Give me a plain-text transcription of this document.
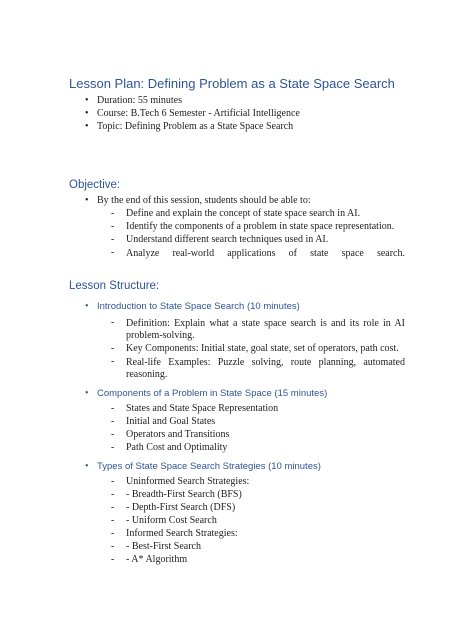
Lesson Plan: Defining Problem as a State Space Search
• Duration: 55 minutes
• Course: B.Tech 6 Semester - Artificial Intelligence
• Topic: Defining Problem as a State Space Search
Objective:
• By the end of this session, students should be able to:
- Define and explain the concept of state space search in AI.
- Identify the components of a problem in state space representation.
- Understand different search techniques used in AI.
- Analyze real-world applications of state space search.
Lesson Structure:
• Introduction to State Space Search (10 minutes)
- Definition: Explain what a state space search is and its role in AI
problem-solving.
- Key Components: Initial state, goal state, set of operators, path cost.
- Real-life Examples: Puzzle solving, route planning, automated
reasoning.
• Components of a Problem in State Space (15 minutes)
- States and State Space Representation
- Initial and Goal States
- Operators and Transitions
- Path Cost and Optimality
• Types of State Space Search Strategies (10 minutes)
- Uninformed Search Strategies:
- - Breadth-First Search (BFS)
- - Depth-First Search (DFS)
- - Uniform Cost Search
- Informed Search Strategies:
- - Best-First Search
- - A* Algorithm
